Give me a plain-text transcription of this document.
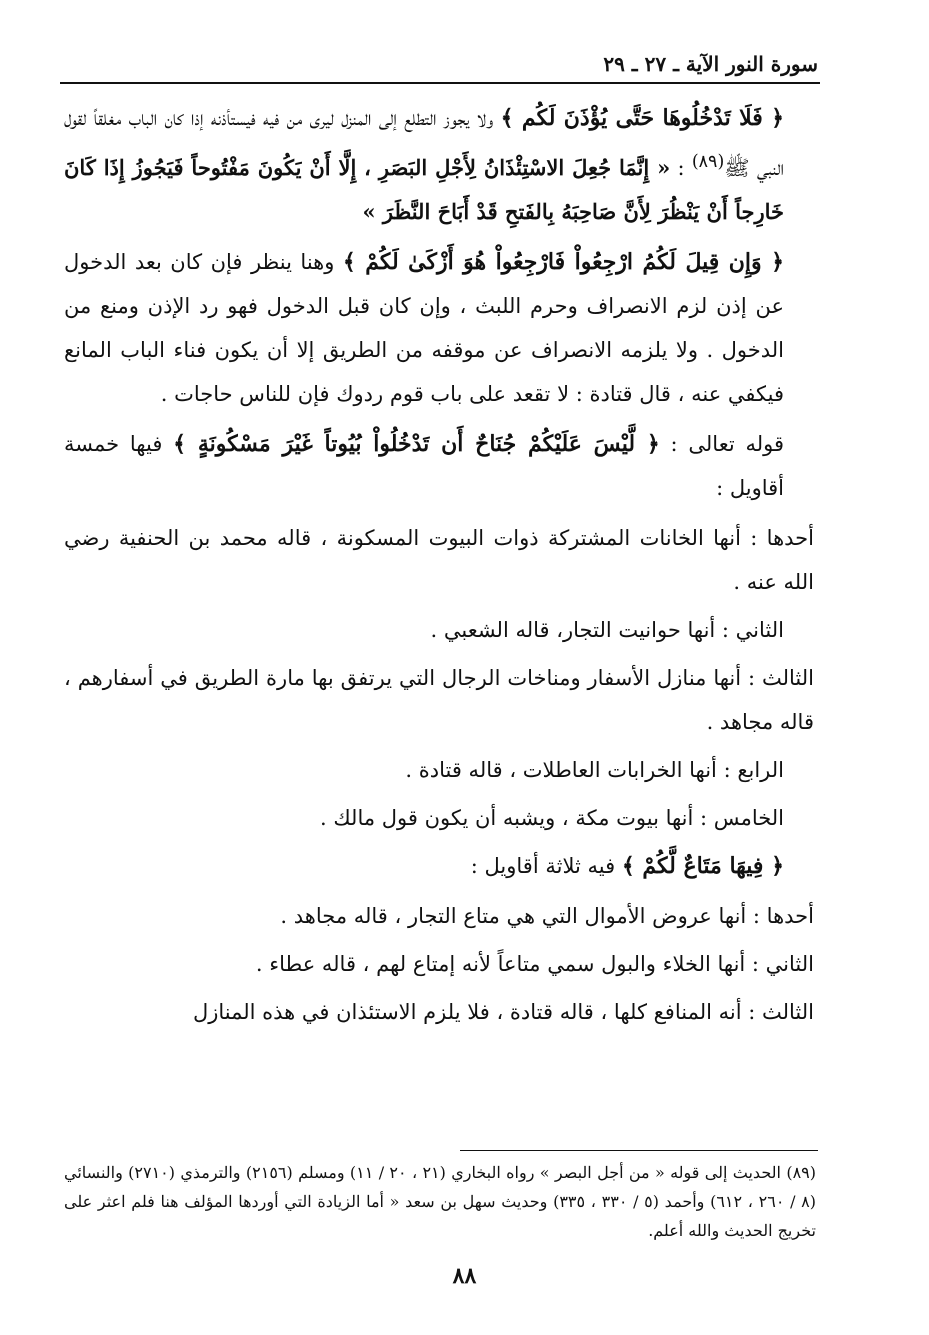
سورة النور الآية ـ ٢٧ ـ ٢٩

﴿ فَلَا تَدْخُلُوهَا حَتَّى يُؤْذَنَ لَكُم ﴾ ولا يجوز التطلع إلى المنزل ليرى من فيه فيستأذنه إذا كان الباب مغلقاً لقول النبي ﷺ$^{(٨٩)}$ : « إِنَّمَا جُعِلَ الاسْتِئْذَانُ لِأَجْلِ البَصَرِ ، إِلَّا أَنْ يَكُونَ مَفْتُوحاً فَيَجُوزُ إِذَا كَانَ خَارِجاً أَنْ يَنْظُرَ لِأَنَّ صَاحِبَهُ بِالفَتحِ قَدْ أَبَاحَ النَّظَرَ »

﴿ وَإِن قِيلَ لَكُمُ ارْجِعُواْ فَارْجِعُواْ هُوَ أَزْكَىٰ لَكُمْ ﴾ وهنا ينظر فإن كان بعد الدخول عن إذن لزم الانصراف وحرم اللبث ، وإن كان قبل الدخول فهو رد الإذن ومنع من الدخول . ولا يلزمه الانصراف عن موقفه من الطريق إلا أن يكون فناء الباب المانع فيكفي عنه ، قال قتادة : لا تقعد على باب قوم ردوك فإن للناس حاجات .

قوله تعالى : ﴿ لَّيْسَ عَلَيْكُمْ جُنَاحٌ أَن تَدْخُلُواْ بُيُوتاً غَيْرَ مَسْكُونَةٍ ﴾ فيها خمسة أقاويل :

أحدها : أنها الخانات المشتركة ذوات البيوت المسكونة ، قاله محمد بن الحنفية رضي الله عنه .

الثاني : أنها حوانيت التجار، قاله الشعبي .

الثالث : أنها منازل الأسفار ومناخات الرجال التي يرتفق بها مارة الطريق في أسفارهم ، قاله مجاهد .

الرابع : أنها الخرابات العاطلات ، قاله قتادة .

الخامس : أنها بيوت مكة ، ويشبه أن يكون قول مالك .

﴿ فِيهَا مَتَاعٌ لَّكُمْ ﴾ فيه ثلاثة أقاويل :

أحدها : أنها عروض الأموال التي هي متاع التجار ، قاله مجاهد .

الثاني : أنها الخلاء والبول سمي متاعاً لأنه إمتاع لهم ، قاله عطاء .

الثالث : أنه المنافع كلها ، قاله قتادة ، فلا يلزم الاستئذان في هذه المنازل

(٨٩) الحديث إلى قوله « من أجل البصر » رواه البخاري (٢١ ، ٢٠ / ١١) ومسلم (٢١٥٦) والترمذي (٢٧١٠) والنسائي (٨ / ٢٦٠ ، ٦١٢) وأحمد (٥ / ٣٣٠ ، ٣٣٥) وحديث سهل بن سعد « أما الزيادة التي أوردها المؤلف هنا فلم اعثر على تخريج الحديث والله أعلم.
٨٨
